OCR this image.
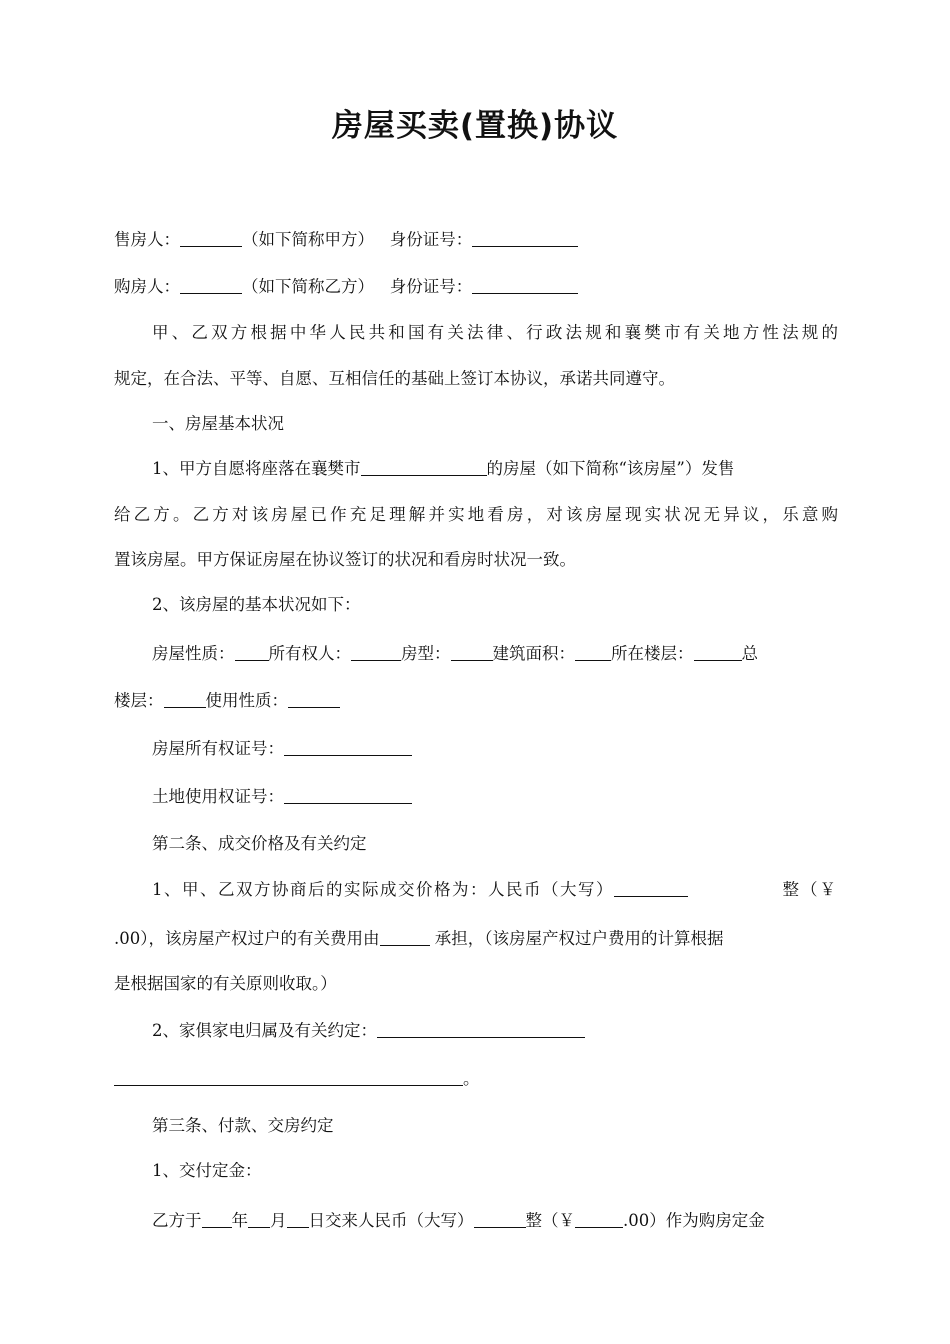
房屋买卖(置换)协议
售房人：	（如下简称甲方） 身份证号：
购房人：	（如下简称乙方） 身份证号：
甲、乙双方根据中华人民共和国有关法律、行政法规和襄樊市有关地方性法规的
规定，在合法、平等、自愿、互相信任的基础上签订本协议，承诺共同遵守。
一、房屋基本状况
1、甲方自愿将座落在襄樊市	的房屋（如下简称“该房屋”）发售
给乙方。乙方对该房屋已作充足理解并实地看房，对该房屋现实状况无异议，乐意购
置该房屋。甲方保证房屋在协议签订的状况和看房时状况一致。
2、该房屋的基本状况如下：
房屋性质： 所有权人：	房型：	建筑面积： 所在楼层：	总
楼层：	使用性质：
房屋所有权证号：
土地使用权证号：
第二条、成交价格及有关约定
1、甲、乙双方协商后的实际成交价格为：人民币（大写）	整（￥
.00），该房屋产权过户的有关费用由	承担，（该房屋产权过户费用的计算根据
是根据国家的有关原则收取。）
2、家俱家电归属及有关约定：
。
第三条、付款、交房约定
1、交付定金：
乙方于 年 月 日交来人民币（大写）	整（￥	.00）作为购房定金
